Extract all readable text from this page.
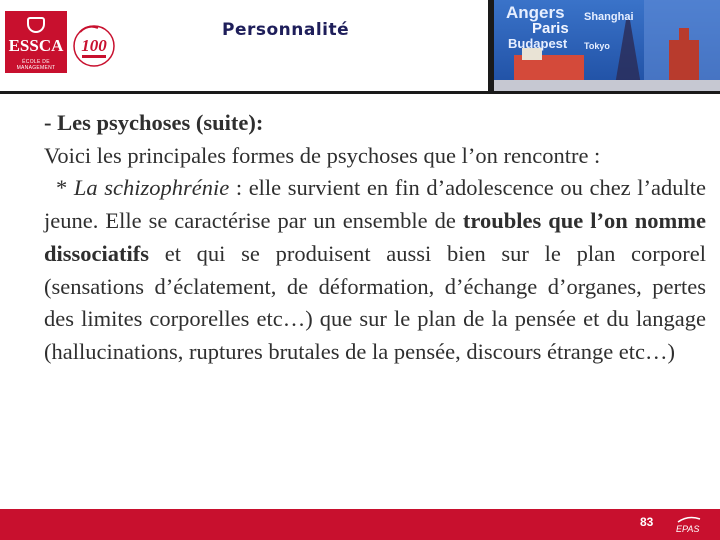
ESSCA
ÉCOLE DE MANAGEMENT
100
Personnalité
Angers Shanghai
Paris
Budapest Tokyo

- Les psychoses (suite):

Voici les principales formes de psychoses que l’on rencontre :

* La schizophrénie : elle survient en fin d’adolescence ou chez l’adulte jeune. Elle se caractérise par un ensemble de troubles que l’on nomme dissociatifs et qui se produisent aussi bien sur le plan corporel (sensations d’éclatement, de déformation, d’échange d’organes, pertes des limites corporelles etc…) que sur le plan de la pensée et du langage (hallucinations, ruptures brutales de la pensée, discours étrange etc…)

83	EPAS
